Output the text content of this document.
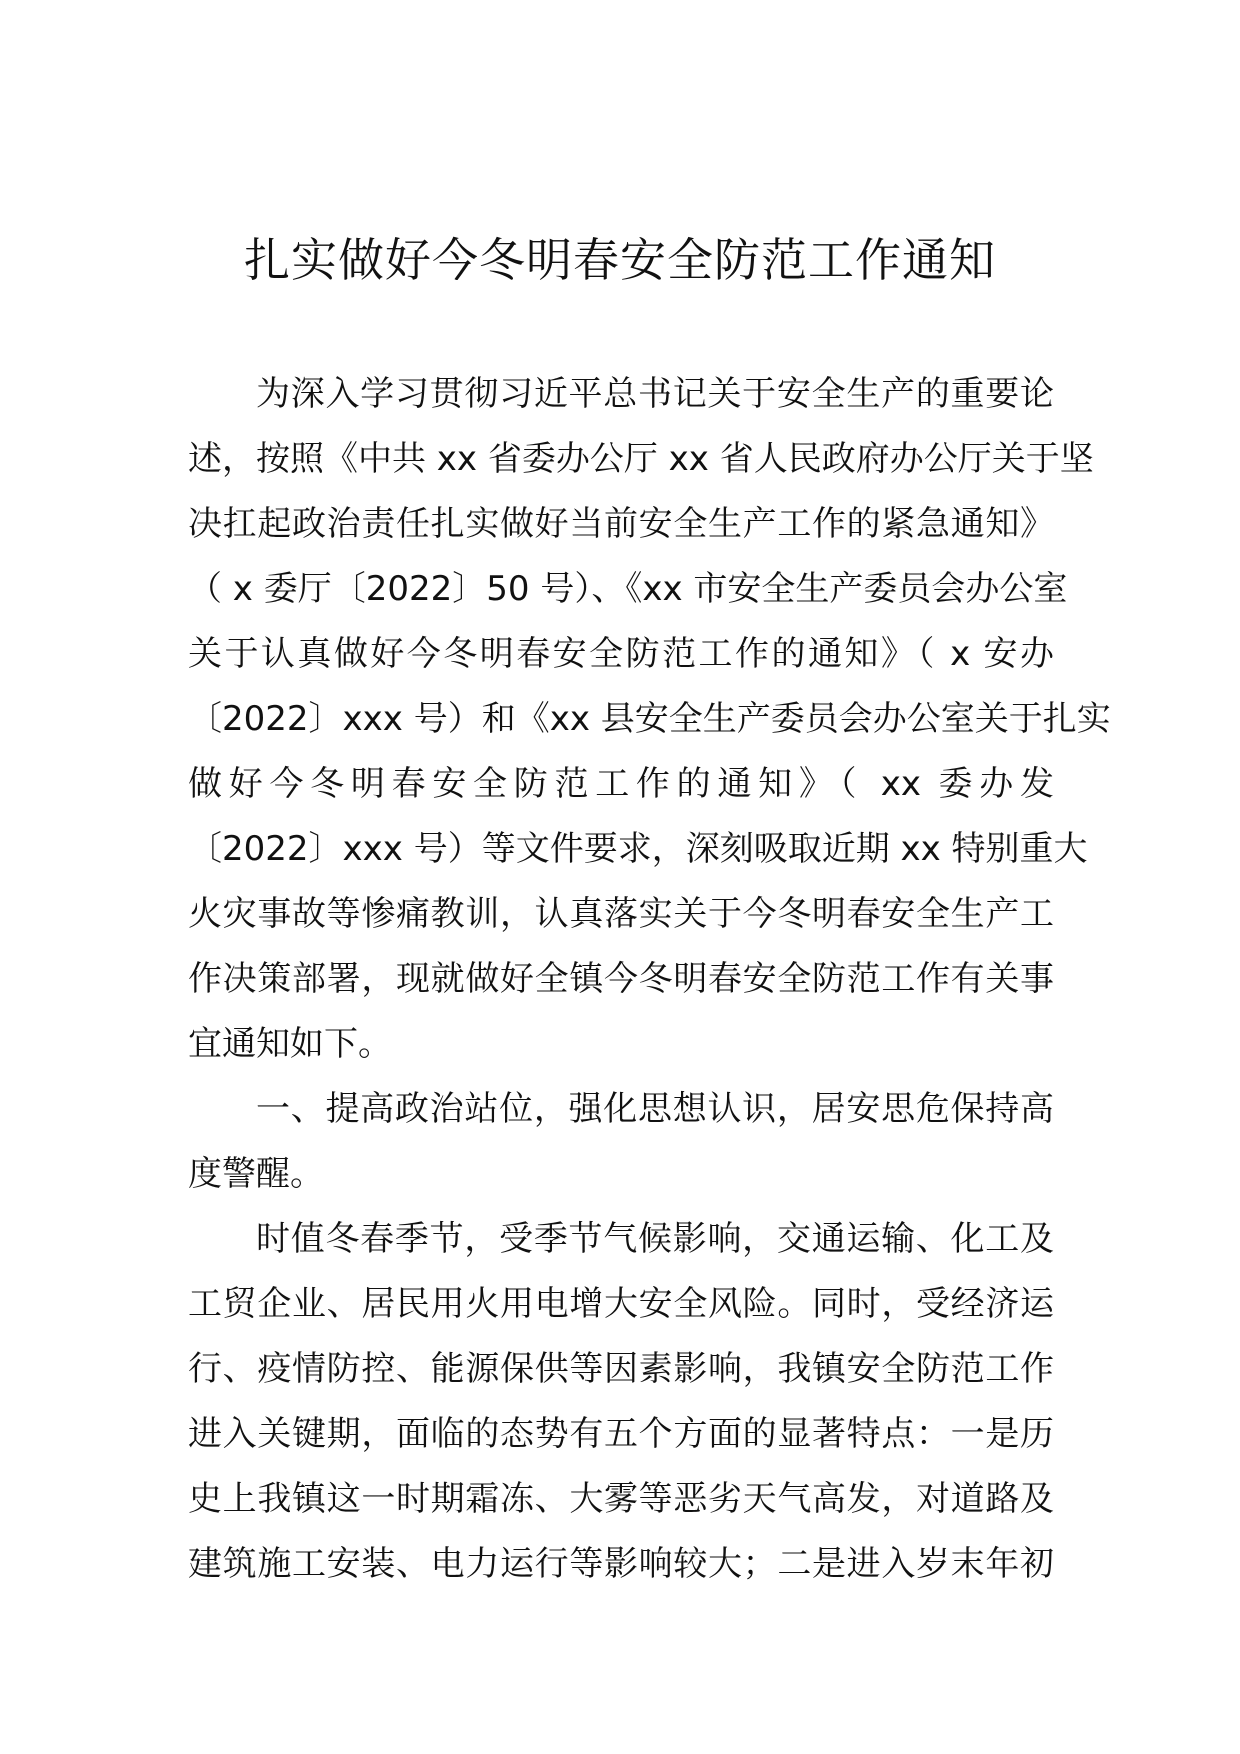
扎实做好今冬明春安全防范工作通知
为深入学习贯彻习近平总书记关于安全生产的重要论
述，按照《中共 xx 省委办公厅 xx 省人民政府办公厅关于坚
决扛起政治责任扎实做好当前安全生产工作的紧急通知》
（ x 委厅〔2022〕50 号）、《xx 市安全生产委员会办公室
关于认真做好今冬明春安全防范工作的通知》（ x 安办
〔2022〕xxx 号）和《xx 县安全生产委员会办公室关于扎实
做好今冬明春安全防范工作的通知》（ xx 委办发
〔2022〕xxx 号）等文件要求，深刻吸取近期 xx 特别重大
火灾事故等惨痛教训，认真落实关于今冬明春安全生产工
作决策部署，现就做好全镇今冬明春安全防范工作有关事
宜通知如下。
一、提高政治站位，强化思想认识，居安思危保持高
度警醒。
时值冬春季节，受季节气候影响，交通运输、化工及
工贸企业、居民用火用电增大安全风险。同时，受经济运
行、疫情防控、能源保供等因素影响，我镇安全防范工作
进入关键期，面临的态势有五个方面的显著特点：一是历
史上我镇这一时期霜冻、大雾等恶劣天气高发，对道路及
建筑施工安装、电力运行等影响较大；二是进入岁末年初
